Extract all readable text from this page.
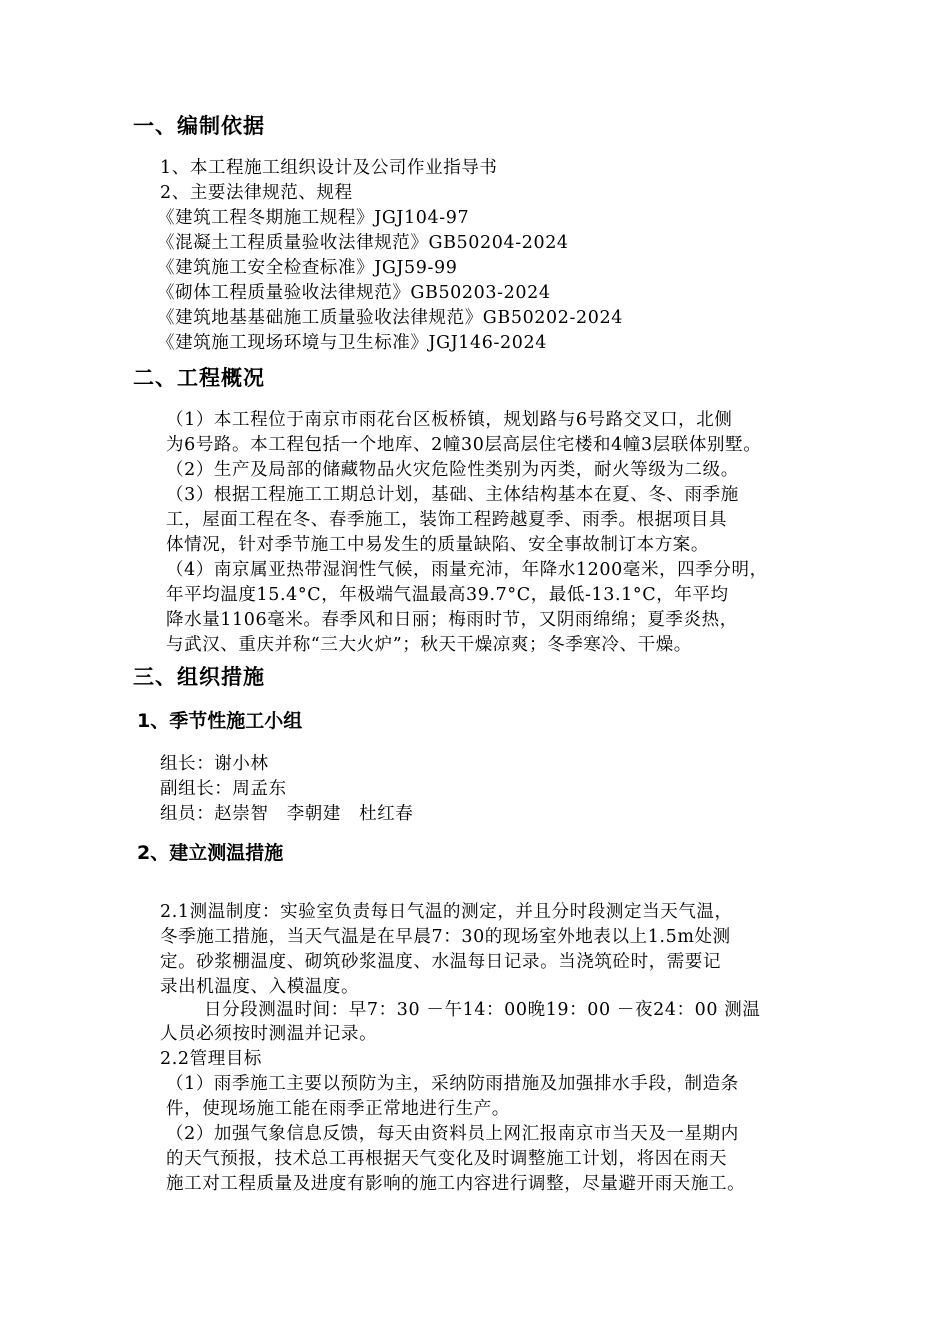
一、编制依据
1、本工程施工组织设计及公司作业指导书
2、主要法律规范、规程
《建筑工程冬期施工规程》JGJ104-97
《混凝土工程质量验收法律规范》GB50204-2024
《建筑施工安全检查标准》JGJ59-99
《砌体工程质量验收法律规范》GB50203-2024
《建筑地基基础施工质量验收法律规范》GB50202-2024
《建筑施工现场环境与卫生标准》JGJ146-2024
二、工程概况
（1）本工程位于南京市雨花台区板桥镇，规划路与6号路交叉口，北侧
为6号路。本工程包括一个地库、2幢30层高层住宅楼和4幢3层联体别墅。
（2）生产及局部的储藏物品火灾危险性类别为丙类，耐火等级为二级。
（3）根据工程施工工期总计划，基础、主体结构基本在夏、冬、雨季施
工，屋面工程在冬、春季施工，装饰工程跨越夏季、雨季。根据项目具
体情况，针对季节施工中易发生的质量缺陷、安全事故制订本方案。
（4）南京属亚热带湿润性气候，雨量充沛，年降水1200毫米，四季分明，
年平均温度15.4°C，年极端气温最高39.7°C，最低-13.1°C，年平均
降水量1106毫米。春季风和日丽；梅雨时节，又阴雨绵绵；夏季炎热，
与武汉、重庆并称“三大火炉”；秋天干燥凉爽；冬季寒冷、干燥。
三、组织措施
1、季节性施工小组
组长：谢小林
副组长：周孟东
组员：赵崇智　李朝建　杜红春
2、建立测温措施
2.1测温制度：实验室负责每日气温的测定，并且分时段测定当天气温，
冬季施工措施，当天气温是在早晨7：30的现场室外地表以上1.5m处测
定。砂浆棚温度、砌筑砂浆温度、水温每日记录。当浇筑砼时，需要记
录出机温度、入模温度。
日分段测温时间：早7：30 －午14：00晚19：00 －夜24：00 测温
人员必须按时测温并记录。
2.2管理目标
（1）雨季施工主要以预防为主，采纳防雨措施及加强排水手段，制造条
件，使现场施工能在雨季正常地进行生产。
（2）加强气象信息反馈，每天由资料员上网汇报南京市当天及一星期内
的天气预报，技术总工再根据天气变化及时调整施工计划，将因在雨天
施工对工程质量及进度有影响的施工内容进行调整，尽量避开雨天施工。
